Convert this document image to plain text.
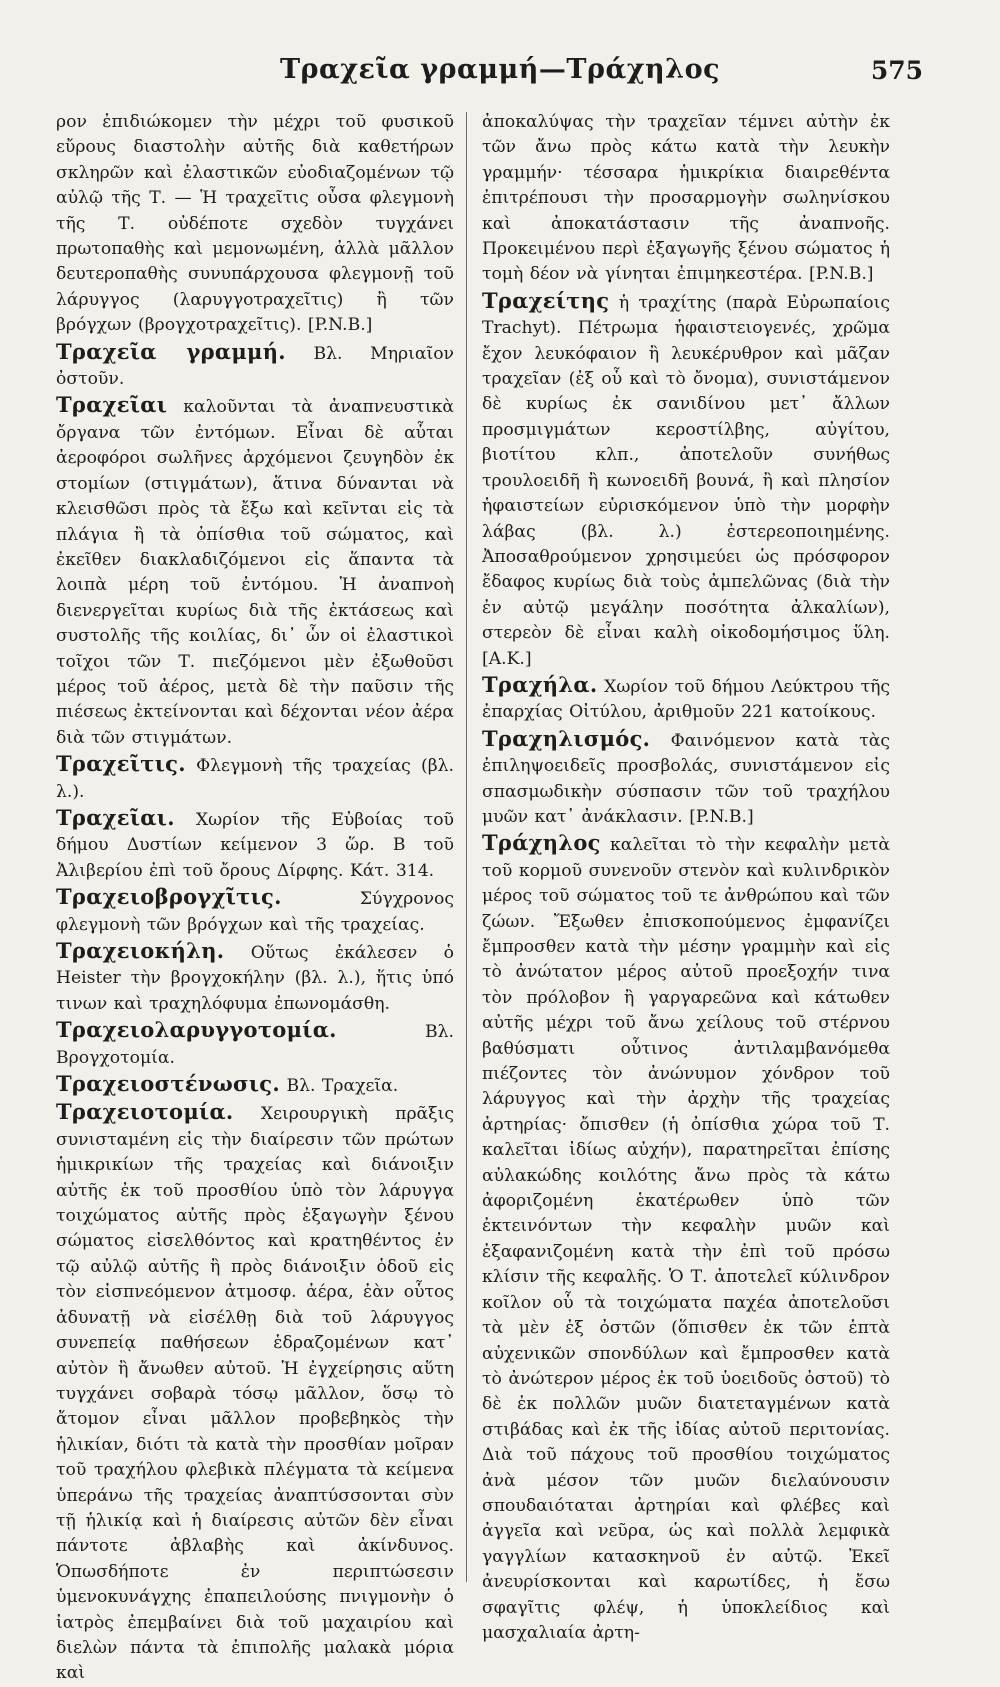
Τραχεῖα γραμμή—Τράχηλος	575

ρον ἐπιδιώκομεν τὴν μέχρι τοῦ φυσικοῦ εὔρους διαστολὴν αὐτῆς διὰ καθετήρων σκληρῶν καὶ ἐλαστικῶν εὐοδιαζομένων τῷ αὐλῷ τῆς Τ. — Ἡ τραχεῖτις οὖσα φλεγμονὴ τῆς Τ. οὐδέποτε σχεδὸν τυγχάνει πρωτοπαθὴς καὶ μεμονωμένη, ἀλλὰ μᾶλλον δευτεροπαθὴς συνυπάρχουσα φλεγμονῇ τοῦ λάρυγγος (λαρυγγοτραχεῖτις) ἢ τῶν βρόγχων (βρογχοτραχεῖτις). [P.N.B.]

Τραχεῖα γραμμή. Βλ. Μηριαῖον ὀστοῦν.

Τραχεῖαι καλοῦνται τὰ ἀναπνευστικὰ ὄργανα τῶν ἐντόμων. Εἶναι δὲ αὗται ἀεροφόροι σωλῆνες ἀρχόμενοι ζευγηδὸν ἐκ στομίων (στιγμάτων), ἅτινα δύνανται νὰ κλεισθῶσι πρὸς τὰ ἔξω καὶ κεῖνται εἰς τὰ πλάγια ἢ τὰ ὀπίσθια τοῦ σώματος, καὶ ἐκεῖθεν διακλαδιζόμενοι εἰς ἅπαντα τὰ λοιπὰ μέρη τοῦ ἐντόμου. Ἡ ἀναπνοὴ διενεργεῖται κυρίως διὰ τῆς ἐκτάσεως καὶ συστολῆς τῆς κοιλίας, δι᾽ ὧν οἱ ἐλαστικοὶ τοῖχοι τῶν Τ. πιεζόμενοι μὲν ἐξωθοῦσι μέρος τοῦ ἀέρος, μετὰ δὲ τὴν παῦσιν τῆς πιέσεως ἐκτείνονται καὶ δέχονται νέον ἀέρα διὰ τῶν στιγμάτων.

Τραχεῖτις. Φλεγμονὴ τῆς τραχείας (βλ. λ.).

Τραχεῖαι. Χωρίον τῆς Εὐβοίας τοῦ δήμου Δυστίων κείμενον 3 ὥρ. Β τοῦ Ἀλιβερίου ἐπὶ τοῦ ὄρους Δίρφης. Κάτ. 314.

Τραχειοβρογχῖτις.	Σύγχρονος φλεγμονὴ τῶν βρόγχων καὶ τῆς τραχείας.

Τραχειοκήλη. Οὕτως ἐκάλεσεν ὁ Heister τὴν βρογχοκήλην (βλ. λ.), ἥτις ὑπό τινων καὶ τραχηλόφυμα ἐπωνομάσθη.

Τραχειολαρυγγοτομία.	Βλ. Βρογχοτομία.

Τραχειοστένωσις. Βλ. Τραχεῖα.

Τραχειοτομία. Χειρουργικὴ πρᾶξις συνισταμένη εἰς τὴν διαίρεσιν τῶν πρώτων ἡμικρικίων τῆς τραχείας καὶ διάνοιξιν αὐτῆς ἐκ τοῦ προσθίου ὑπὸ τὸν λάρυγγα τοιχώματος αὐτῆς πρὸς ἐξαγωγὴν ξένου σώματος εἰσελθόντος καὶ κρατηθέντος ἐν τῷ αὐλῷ αὐτῆς ἢ πρὸς διάνοιξιν ὁδοῦ εἰς τὸν εἰσπνεόμενον ἀτμοσφ. ἀέρα, ἐὰν οὗτος ἀδυνατῇ νὰ εἰσέλθῃ διὰ τοῦ λάρυγγος συνεπείᾳ παθήσεων ἑδραζομένων κατ᾽ αὐτὸν ἢ ἄνωθεν αὐτοῦ. Ἡ ἐγχείρησις αὕτη τυγχάνει σοβαρὰ τόσῳ μᾶλλον, ὅσῳ τὸ ἄτομον εἶναι μᾶλλον προβεβηκὸς τὴν ἡλικίαν, διότι τὰ κατὰ τὴν προσθίαν μοῖραν τοῦ τραχήλου φλεβικὰ πλέγματα τὰ κείμενα ὑπεράνω τῆς τραχείας ἀναπτύσσονται σὺν τῇ ἡλικίᾳ καὶ ἡ διαίρεσις αὐτῶν δὲν εἶναι πάντοτε ἀβλαβὴς καὶ ἀκίνδυνος. Ὁπωσδήποτε ἐν περιπτώσεσιν ὑμενοκυνάγχης ἐπαπειλούσης πνιγμονὴν ὁ ἰατρὸς ἐπεμβαίνει διὰ τοῦ μαχαιρίου καὶ διελὼν πάντα τὰ ἐπιπολῆς μαλακὰ μόρια καὶ

ἀποκαλύψας τὴν τραχεῖαν τέμνει αὐτὴν ἐκ τῶν ἄνω πρὸς κάτω κατὰ τὴν λευκὴν γραμμήν· τέσσαρα ἡμικρίκια διαιρεθέντα ἐπιτρέπουσι τὴν προσαρμογὴν σωληνίσκου καὶ ἀποκατάστασιν τῆς ἀναπνοῆς. Προκειμένου περὶ ἐξαγωγῆς ξένου σώματος ἡ τομὴ δέον νὰ γίνηται ἐπιμηκεστέρα. [P.N.B.]

Τραχείτης ἡ τραχίτης (παρὰ Εὐρωπαίοις Trachyt). Πέτρωμα ἡφαιστειογενές, χρῶμα ἔχον λευκόφαιον ἢ λευκέρυθρον καὶ μᾶζαν τραχεῖαν (ἐξ οὗ καὶ τὸ ὄνομα), συνιστάμενον δὲ κυρίως ἐκ σανιδίνου μετ᾽ ἄλλων προσμιγμάτων κεροστίλβης, αὐγίτου, βιοτίτου κλπ., ἀποτελοῦν συνήθως τρουλοειδῆ ἢ κωνοειδῆ βουνά, ἢ καὶ πλησίον ἡφαιστείων εὑρισκόμενον ὑπὸ τὴν μορφὴν λάβας (βλ. λ.) ἐστερεοποιημένης. Ἀποσαθρούμενον χρησιμεύει ὡς πρόσφορον ἔδαφος κυρίως διὰ τοὺς ἀμπελῶνας (διὰ τὴν ἐν αὐτῷ μεγάλην ποσότητα ἀλκαλίων), στερεὸν δὲ εἶναι καλὴ οἰκοδομήσιμος ὕλη. [Α.Κ.]

Τραχήλα. Χωρίον τοῦ δήμου Λεύκτρου τῆς ἐπαρχίας Οἰτύλου, ἀριθμοῦν 221 κατοίκους.

Τραχηλισμός. Φαινόμενον κατὰ τὰς ἐπιληψοειδεῖς προσβολάς, συνιστάμενον εἰς σπασμωδικὴν σύσπασιν τῶν τοῦ τραχήλου μυῶν κατ᾽ ἀνάκλασιν. [P.N.B.]

Τράχηλος καλεῖται τὸ τὴν κεφαλὴν μετὰ τοῦ κορμοῦ συνενοῦν στενὸν καὶ κυλινδρικὸν μέρος τοῦ σώματος τοῦ τε ἀνθρώπου καὶ τῶν ζώων. Ἔξωθεν ἐπισκοπούμενος ἐμφανίζει ἔμπροσθεν κατὰ τὴν μέσην γραμμὴν καὶ εἰς τὸ ἀνώτατον μέρος αὐτοῦ προεξοχήν τινα τὸν πρόλοβον ἢ γαργαρεῶνα καὶ κάτωθεν αὐτῆς μέχρι τοῦ ἄνω χείλους τοῦ στέρνου βαθύσματι οὗτινος ἀντιλαμβανόμεθα πιέζοντες τὸν ἀνώνυμον χόνδρον τοῦ λάρυγγος καὶ τὴν ἀρχὴν τῆς τραχείας ἀρτηρίας· ὄπισθεν (ἡ ὀπίσθια χώρα τοῦ Τ. καλεῖται ἰδίως αὐχήν), παρατηρεῖται ἐπίσης αὐλακώδης κοιλότης ἄνω πρὸς τὰ κάτω ἀφοριζομένη ἑκατέρωθεν ὑπὸ τῶν ἐκτεινόντων τὴν κεφαλὴν μυῶν καὶ ἐξαφανιζομένη κατὰ τὴν ἐπὶ τοῦ πρόσω κλίσιν τῆς κεφαλῆς. Ὁ Τ. ἀποτελεῖ κύλινδρον κοῖλον οὗ τὰ τοιχώματα παχέα ἀποτελοῦσι τὰ μὲν ἐξ ὀστῶν (ὅπισθεν ἐκ τῶν ἑπτὰ αὐχενικῶν σπονδύλων καὶ ἔμπροσθεν κατὰ τὸ ἀνώτερον μέρος ἐκ τοῦ ὑοειδοῦς ὀστοῦ) τὸ δὲ ἐκ πολλῶν μυῶν διατεταγμένων κατὰ στιβάδας καὶ ἐκ τῆς ἰδίας αὐτοῦ περιτονίας. Διὰ τοῦ πάχους τοῦ προσθίου τοιχώματος ἀνὰ μέσον τῶν μυῶν διελαύνουσιν σπουδαιόταται ἀρτηρίαι καὶ φλέβες καὶ ἀγγεῖα καὶ νεῦρα, ὡς καὶ πολλὰ λεμφικὰ γαγγλίων κατασκηνοῦ ἐν αὐτῷ. Ἐκεῖ ἀνευρίσκονται καὶ καρωτίδες, ἡ ἔσω σφαγῖτις φλέψ, ἡ ὑποκλείδιος καὶ μασχαλιαία ἀρτη-
